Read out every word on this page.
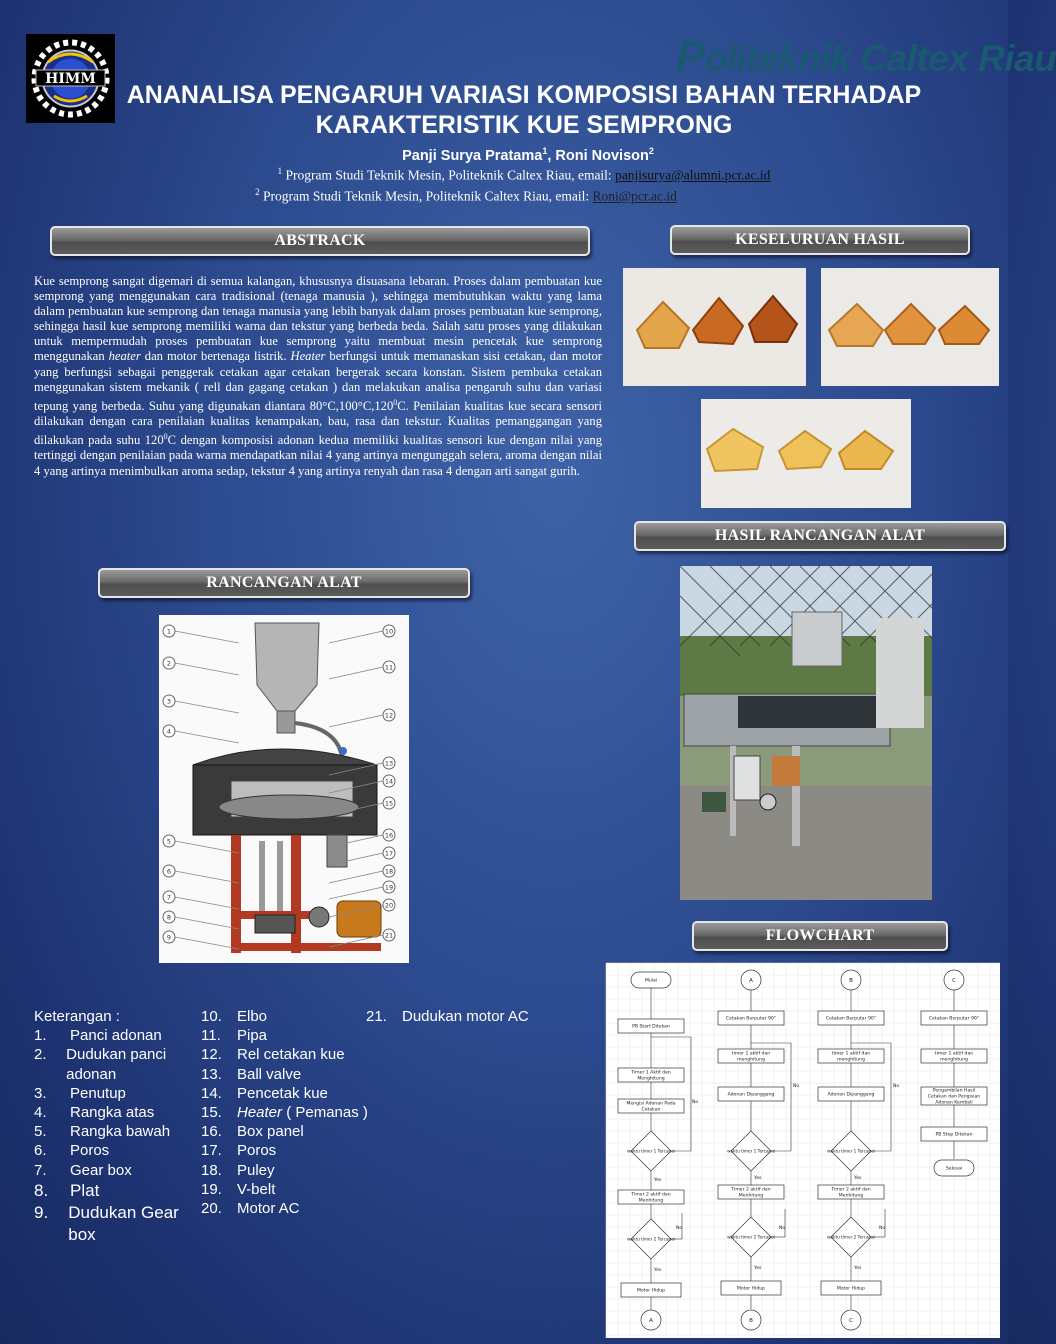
HIMM	Politeknik Caltex Riau
ANANALISA PENGARUH VARIASI KOMPOSISI BAHAN TERHADAP
KARAKTERISTIK KUE SEMPRONG
Panji Surya Pratama$^1$, Roni Novison$^2$
$^1$ Program Studi Teknik Mesin, Politeknik Caltex Riau, email: panjisurya@alumni.pcr.ac.id
$^2$ Program Studi Teknik Mesin, Politeknik Caltex Riau, email: Roni@pcr.ac.id
ABSTRACK	KESELURUAN HASIL
RANCANGAN ALAT
HASIL RANCANGAN ALAT
FLOWCHART
Kue semprong sangat digemari di semua kalangan, khususnya disuasana lebaran. Proses dalam pembuatan kue semprong yang menggunakan cara tradisional (tenaga manusia ), sehingga membutuhkan waktu yang lama dalam pembuatan kue semprong dan tenaga manusia yang lebih banyak dalam proses pembuatan kue semprong, sehingga hasil kue semprong memiliki warna dan tekstur yang berbeda beda. Salah satu proses yang dilakukan untuk mempermudah proses pembuatan kue semprong yaitu membuat mesin pencetak kue semprong menggunakan heater dan motor bertenaga listrik. Heater berfungsi untuk memanaskan sisi cetakan, dan motor yang berfungsi sebagai penggerak cetakan agar cetakan bergerak secara konstan. Sistem pembuka cetakan menggunakan sistem mekanik ( rell dan gagang cetakan ) dan melakukan analisa pengaruh suhu dan variasi tepung yang berbeda. Suhu yang digunakan diantara 80°C,100°C,120$^0$C. Penilaian kualitas kue secara sensori dilakukan dengan cara penilaian kualitas kenampakan, bau, rasa dan tekstur. Kualitas pemanggangan yang dilakukan pada suhu $120^0C$ dengan komposisi adonan kedua memiliki kualitas sensori kue dengan nilai yang tertinggi dengan penilaian pada warna mendapatkan nilai 4 yang artinya mengunggah selera, aroma dengan nilai 4 yang artinya menimbulkan aroma sedap, tekstur 4 yang artinya renyah dan rasa 4 dengan arti sangat gurih.
1
2
3
4
5
6
7
8
9
10
11
12
13
14
15
16
17
18
19
20
21
Keterangan :
1.	Panci adonan
2.	Dudukan panci adonan
3.	Penutup
4.	Rangka atas
5.	Rangka bawah
6.	Poros
7.	Gear box
8.	Plat
9.	Dudukan Gear box
10.	Elbo
11.	Pipa
12.	Rel cetakan kue
13.	Ball valve
14.	Pencetak kue
15.	Heater ( Pemanas )
16.	Box panel
17.	Poros
18.	Puley
19.	V-belt
20.	Motor AC
21.	Dudukan motor AC
Mulai
PB Start Ditekan
Timer 1 Aktif dan Menghitung
Mengisi Adonan Pada Cetakan
waktu timer 1 Tercapai
No
Yes
Timer 2 aktif dan Menhitung
waktu timer 2 Tercapai
No
Yes
Motor Hidup
A
A
Cetakan Berputar 90°
timer 1 aktif dan menghitung
Adonan Dipanggang
waktu timer 1 Tercapai
No
Yes
Timer 2 aktif dan Menhitung
waktu timer 2 Tercapai
No
Yes
Motor Hidup
B
B
Cetakan Berputar 90°
timer 1 aktif dan menghitung
Adonan Dipanggang
waktu timer 1 Tercapai
No
Yes
Timer 2 aktif dan Menhitung
waktu timer 2 Tercapai
No
Yes
Motor Hidup
C
C
Cetakan Berputar 90°
timer 1 aktif dan menghitung
Pengambilan Hasil Cetakan dan Pengisian Adonan Kembali
PB Stop Ditekan
Selesai
